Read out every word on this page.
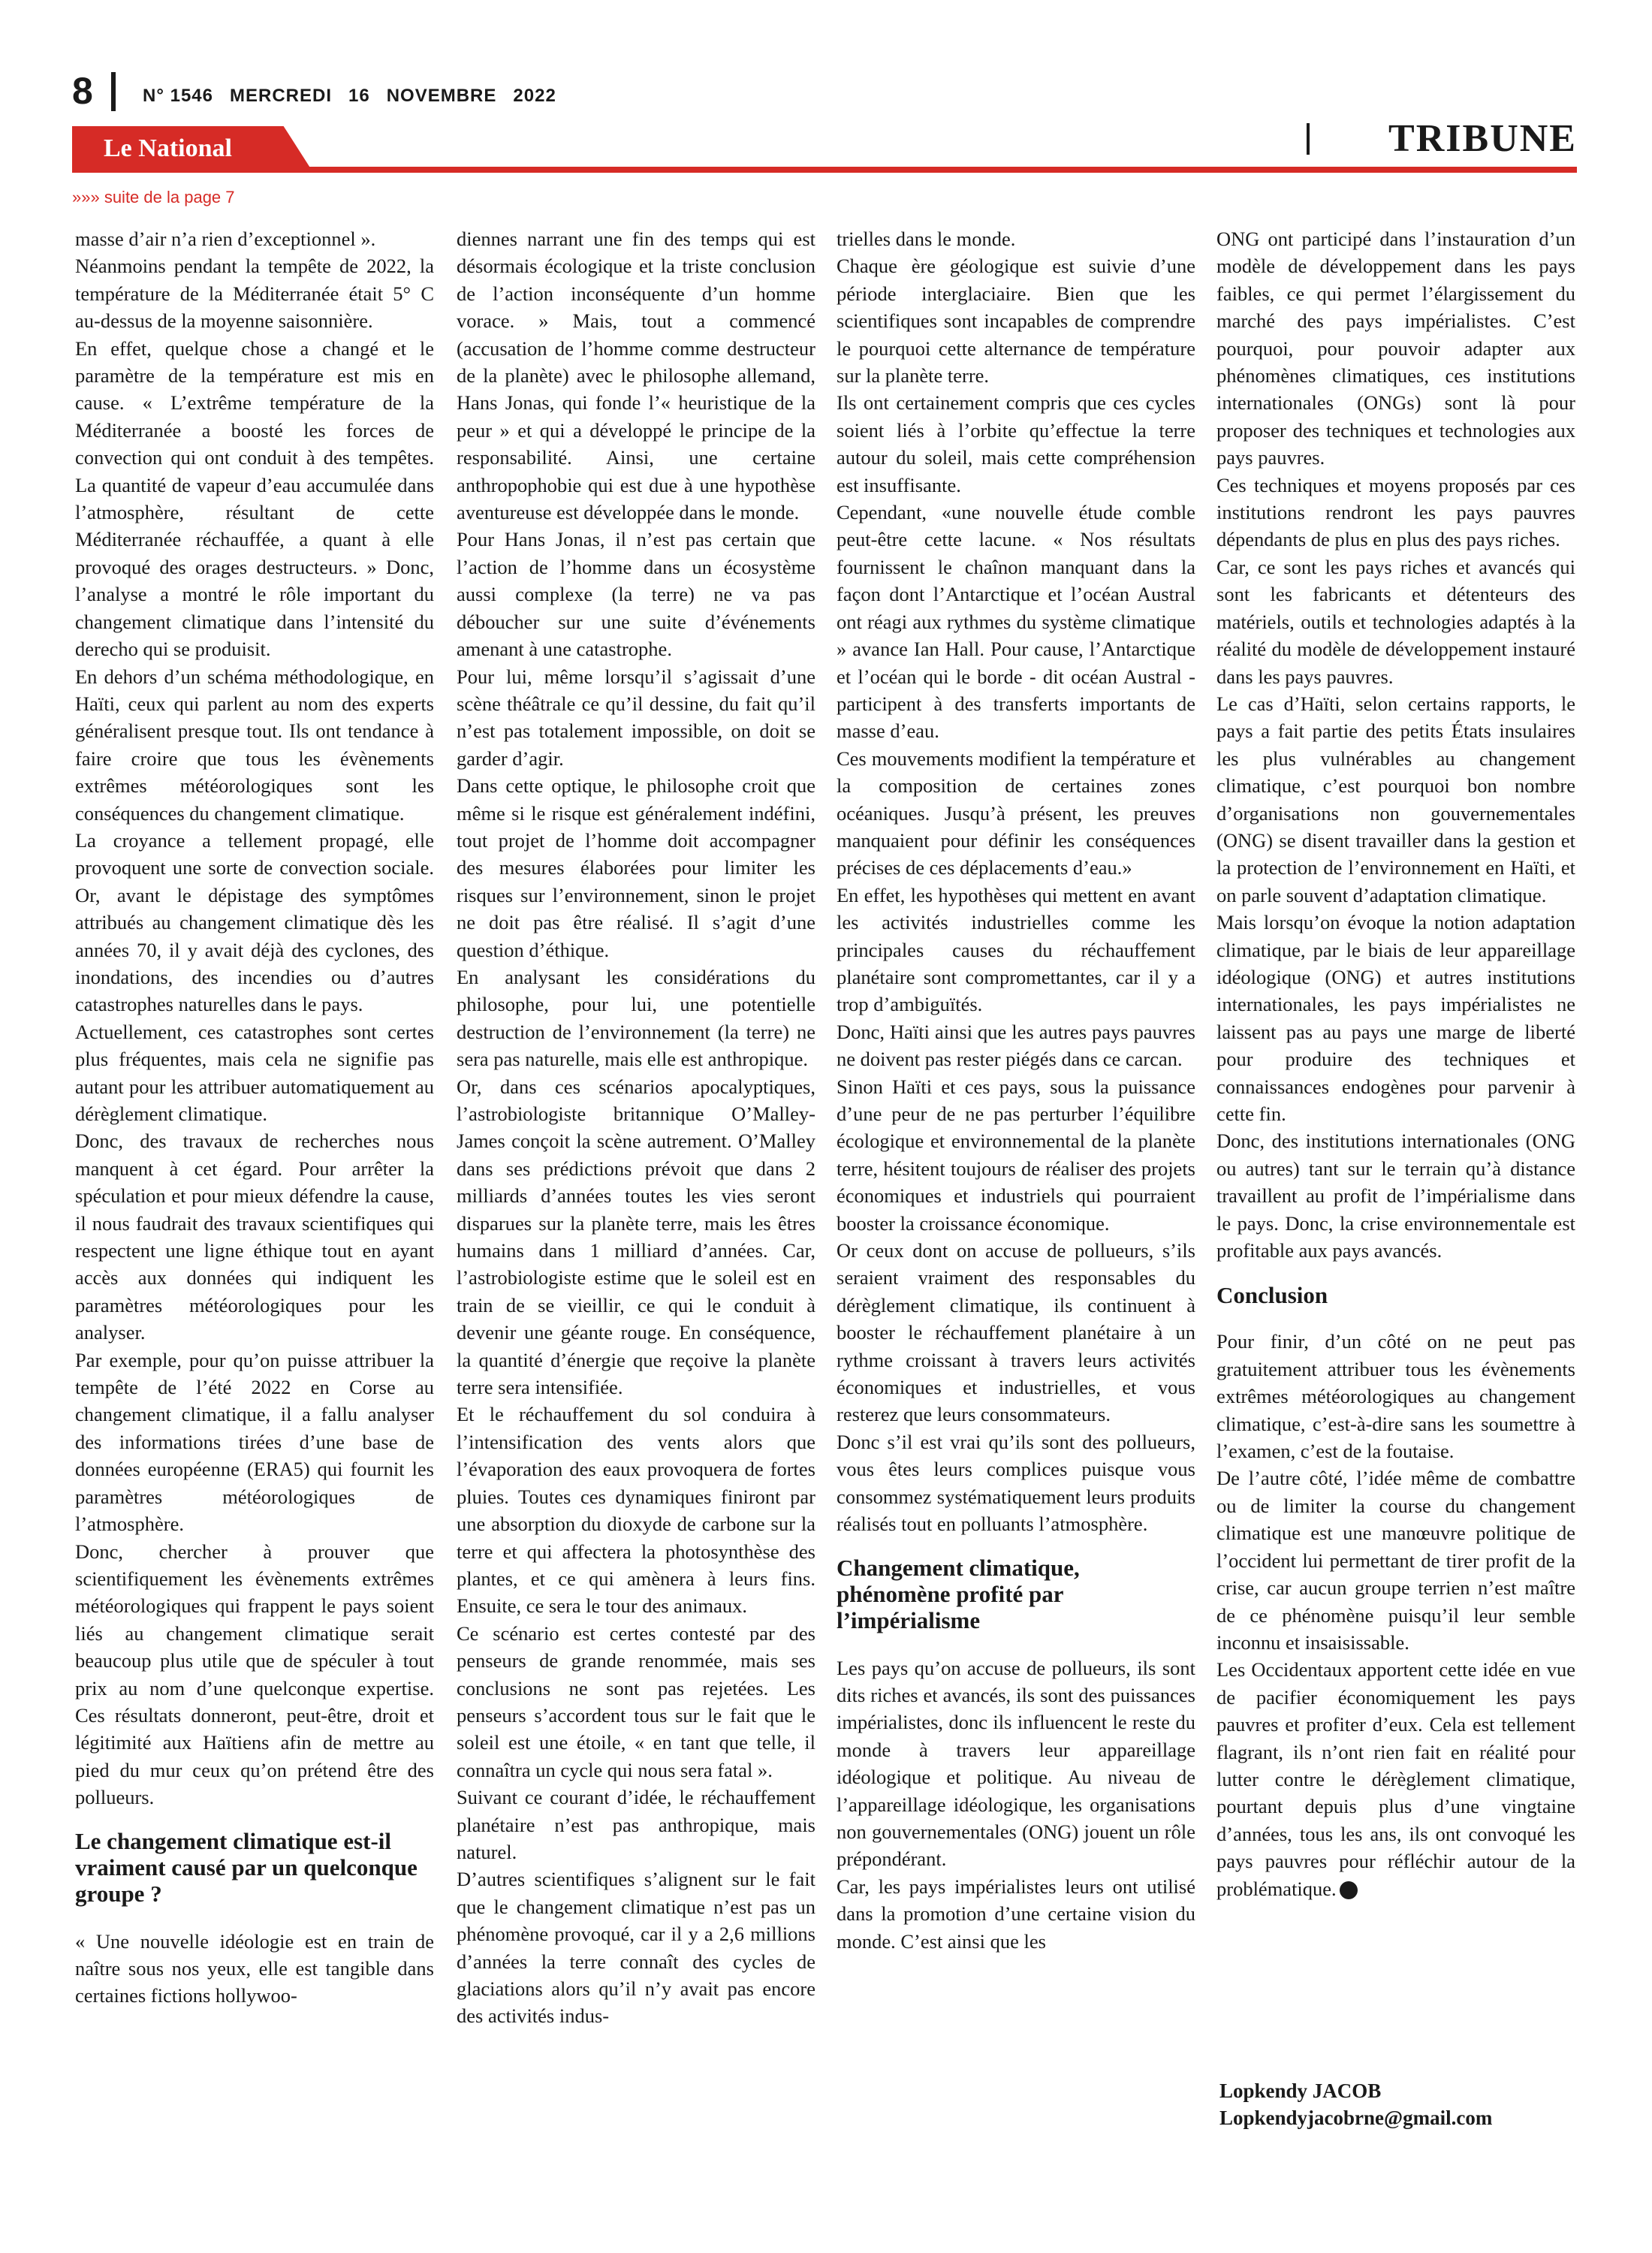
8	N° 1546 MERCREDI 16 NOVEMBRE 2022
Le National	TRIBUNE
»»» suite de la page 7

masse d’air n’a rien d’exceptionnel ».

Néanmoins pendant la tempête de 2022, la température de la Méditerranée était 5° C au-dessus de la moyenne saisonnière.

En effet, quelque chose a changé et le paramètre de la température est mis en cause. « L’extrême température de la Méditerranée a boosté les forces de convection qui ont conduit à des tempêtes. La quantité de vapeur d’eau accumulée dans l’atmosphère, résultant de cette Méditerranée réchauffée, a quant à elle provoqué des orages destructeurs. » Donc, l’analyse a montré le rôle important du changement climatique dans l’intensité du derecho qui se produisit.

En dehors d’un schéma méthodologique, en Haïti, ceux qui parlent au nom des experts généralisent presque tout. Ils ont tendance à faire croire que tous les évènements extrêmes météorologiques sont les conséquences du changement climatique.

La croyance a tellement propagé, elle provoquent une sorte de convection sociale. Or, avant le dépistage des symptômes attribués au changement climatique dès les années 70, il y avait déjà des cyclones, des inondations, des incendies ou d’autres catastrophes naturelles dans le pays.

Actuellement, ces catastrophes sont certes plus fréquentes, mais cela ne signifie pas autant pour les attribuer automatiquement au dérèglement climatique.

Donc, des travaux de recherches nous manquent à cet égard. Pour arrêter la spéculation et pour mieux défendre la cause, il nous faudrait des travaux scientifiques qui respectent une ligne éthique tout en ayant accès aux données qui indiquent les paramètres météorologiques pour les analyser.

Par exemple, pour qu’on puisse attribuer la tempête de l’été 2022 en Corse au changement climatique, il a fallu analyser des informations tirées d’une base de données européenne (ERA5) qui fournit les paramètres météorologiques de l’atmosphère.

Donc, chercher à prouver que scientifiquement les évènements extrêmes météorologiques qui frappent le pays soient liés au changement climatique serait beaucoup plus utile que de spéculer à tout prix au nom d’une quelconque expertise. Ces résultats donneront, peut-être, droit et légitimité aux Haïtiens afin de mettre au pied du mur ceux qu’on prétend être des pollueurs.

Le changement climatique est-il vraiment causé par un quelconque groupe ?

« Une nouvelle idéologie est en train de naître sous nos yeux, elle est tangible dans certaines fictions hollywoo-

diennes narrant une fin des temps qui est désormais écologique et la triste conclusion de l’action inconséquente d’un homme vorace. » Mais, tout a commencé (accusation de l’homme comme destructeur de la planète) avec le philosophe allemand, Hans Jonas, qui fonde l’« heuristique de la peur » et qui a développé le principe de la responsabilité. Ainsi, une certaine anthropophobie qui est due à une hypothèse aventureuse est développée dans le monde.

Pour Hans Jonas, il n’est pas certain que l’action de l’homme dans un écosystème aussi complexe (la terre) ne va pas déboucher sur une suite d’événements amenant à une catastrophe.

Pour lui, même lorsqu’il s’agissait d’une scène théâtrale ce qu’il dessine, du fait qu’il n’est pas totalement impossible, on doit se garder d’agir.

Dans cette optique, le philosophe croit que même si le risque est généralement indéfini, tout projet de l’homme doit accompagner des mesures élaborées pour limiter les risques sur l’environnement, sinon le projet ne doit pas être réalisé. Il s’agit d’une question d’éthique.

En analysant les considérations du philosophe, pour lui, une potentielle destruction de l’environnement (la terre) ne sera pas naturelle, mais elle est anthropique.

Or, dans ces scénarios apocalyptiques, l’astrobiologiste britannique O’Malley-James conçoit la scène autrement. O’Malley dans ses prédictions prévoit que dans 2 milliards d’années toutes les vies seront disparues sur la planète terre, mais les êtres humains dans 1 milliard d’années. Car, l’astrobiologiste estime que le soleil est en train de se vieillir, ce qui le conduit à devenir une géante rouge. En conséquence, la quantité d’énergie que reçoive la planète terre sera intensifiée.

Et le réchauffement du sol conduira à l’intensification des vents alors que l’évaporation des eaux provoquera de fortes pluies. Toutes ces dynamiques finiront par une absorption du dioxyde de carbone sur la terre et qui affectera la photosynthèse des plantes, et ce qui amènera à leurs fins. Ensuite, ce sera le tour des animaux.

Ce scénario est certes contesté par des penseurs de grande renommée, mais ses conclusions ne sont pas rejetées. Les penseurs s’accordent tous sur le fait que le soleil est une étoile, « en tant que telle, il connaîtra un cycle qui nous sera fatal ».

Suivant ce courant d’idée, le réchauffement planétaire n’est pas anthropique, mais naturel.

D’autres scientifiques s’alignent sur le fait que le changement climatique n’est pas un phénomène provoqué, car il y a 2,6 millions d’années la terre connaît des cycles de glaciations alors qu’il n’y avait pas encore des activités indus-

trielles dans le monde.

Chaque ère géologique est suivie d’une période interglaciaire. Bien que les scientifiques sont incapables de comprendre le pourquoi cette alternance de température sur la planète terre.

Ils ont certainement compris que ces cycles soient liés à l’orbite qu’effectue la terre autour du soleil, mais cette compréhension est insuffisante.

Cependant, «une nouvelle étude comble peut-être cette lacune. « Nos résultats fournissent le chaînon manquant dans la façon dont l’Antarctique et l’océan Austral ont réagi aux rythmes du système climatique » avance Ian Hall. Pour cause, l’Antarctique et l’océan qui le borde - dit océan Austral - participent à des transferts importants de masse d’eau.

Ces mouvements modifient la température et la composition de certaines zones océaniques. Jusqu’à présent, les preuves manquaient pour définir les conséquences précises de ces déplacements d’eau.»

En effet, les hypothèses qui mettent en avant les activités industrielles comme les principales causes du réchauffement planétaire sont compromettantes, car il y a trop d’ambiguïtés.

Donc, Haïti ainsi que les autres pays pauvres ne doivent pas rester piégés dans ce carcan.

Sinon Haïti et ces pays, sous la puissance d’une peur de ne pas perturber l’équilibre écologique et environnemental de la planète terre, hésitent toujours de réaliser des projets économiques et industriels qui pourraient booster la croissance économique.

Or ceux dont on accuse de pollueurs, s’ils seraient vraiment des responsables du dérèglement climatique, ils continuent à booster le réchauffement planétaire à un rythme croissant à travers leurs activités économiques et industrielles, et vous resterez que leurs consommateurs.

Donc s’il est vrai qu’ils sont des pollueurs, vous êtes leurs complices puisque vous consommez systématiquement leurs produits réalisés tout en polluants l’atmosphère.

Changement climatique, phénomène profité par l’impérialisme

Les pays qu’on accuse de pollueurs, ils sont dits riches et avancés, ils sont des puissances impérialistes, donc ils influencent le reste du monde à travers leur appareillage idéologique et politique. Au niveau de l’appareillage idéologique, les organisations non gouvernementales (ONG) jouent un rôle prépondérant.

Car, les pays impérialistes leurs ont utilisé dans la promotion d’une certaine vision du monde. C’est ainsi que les

ONG ont participé dans l’instauration d’un modèle de développement dans les pays faibles, ce qui permet l’élargissement du marché des pays impérialistes. C’est pourquoi, pour pouvoir adapter aux phénomènes climatiques, ces institutions internationales (ONGs) sont là pour proposer des techniques et technologies aux pays pauvres.

Ces techniques et moyens proposés par ces institutions rendront les pays pauvres dépendants de plus en plus des pays riches.

Car, ce sont les pays riches et avancés qui sont les fabricants et détenteurs des matériels, outils et technologies adaptés à la réalité du modèle de développement instauré dans les pays pauvres.

Le cas d’Haïti, selon certains rapports, le pays a fait partie des petits États insulaires les plus vulnérables au changement climatique, c’est pourquoi bon nombre d’organisations non gouvernementales (ONG) se disent travailler dans la gestion et la protection de l’environnement en Haïti, et on parle souvent d’adaptation climatique.

Mais lorsqu’on évoque la notion adaptation climatique, par le biais de leur appareillage idéologique (ONG) et autres institutions internationales, les pays impérialistes ne laissent pas au pays une marge de liberté pour produire des techniques et connaissances endogènes pour parvenir à cette fin.

Donc, des institutions internationales (ONG ou autres) tant sur le terrain qu’à distance travaillent au profit de l’impérialisme dans le pays. Donc, la crise environnementale est profitable aux pays avancés.

Conclusion

Pour finir, d’un côté on ne peut pas gratuitement attribuer tous les évènements extrêmes météorologiques au changement climatique, c’est-à-dire sans les soumettre à l’examen, c’est de la foutaise.

De l’autre côté, l’idée même de combattre ou de limiter la course du changement climatique est une manœuvre politique de l’occident lui permettant de tirer profit de la crise, car aucun groupe terrien n’est maître de ce phénomène puisqu’il leur semble inconnu et insaisissable.

Les Occidentaux apportent cette idée en vue de pacifier économiquement les pays pauvres et profiter d’eux. Cela est tellement flagrant, ils n’ont rien fait en réalité pour lutter contre le dérèglement climatique, pourtant depuis plus d’une vingtaine d’années, tous les ans, ils ont convoqué les pays pauvres pour réfléchir autour de la problématique.

Lopkendy JACOB
Lopkendyjacobrne@gmail.com
